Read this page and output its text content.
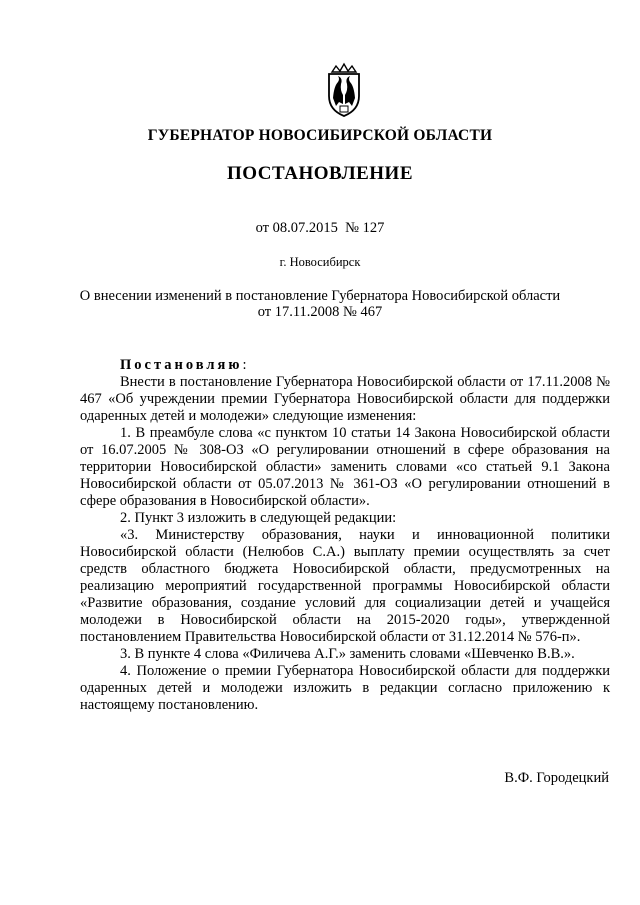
ГУБЕРНАТОР НОВОСИБИРСКОЙ ОБЛАСТИ
ПОСТАНОВЛЕНИЕ
от 08.07.2015  № 127
г. Новосибирск
О внесении изменений в постановление Губернатора Новосибирской области
от 17.11.2008 № 467

Постановляю:

Внести в постановление Губернатора Новосибирской области от 17.11.2008 № 467 «Об учреждении премии Губернатора Новосибирской области для поддержки одаренных детей и молодежи» следующие изменения:

1. В преамбуле слова «с пунктом 10 статьи 14 Закона Новосибирской области от 16.07.2005 № 308-ОЗ «О регулировании отношений в сфере образования на территории Новосибирской области» заменить словами «со статьей 9.1 Закона Новосибирской области от 05.07.2013 № 361-ОЗ «О регулировании отношений в сфере образования в Новосибирской области».

2. Пункт 3 изложить в следующей редакции:

«3. Министерству образования, науки и инновационной политики Новосибирской области (Нелюбов С.А.) выплату премии осуществлять за счет средств областного бюджета Новосибирской области, предусмотренных на реализацию мероприятий государственной программы Новосибирской области «Развитие образования, создание условий для социализации детей и учащейся молодежи в Новосибирской области на 2015-2020 годы», утвержденной постановлением Правительства Новосибирской области от 31.12.2014 № 576-п».

3. В пункте 4 слова «Филичева А.Г.» заменить словами «Шевченко В.В.».

4. Положение о премии Губернатора Новосибирской области для поддержки одаренных детей и молодежи изложить в редакции согласно приложению к настоящему постановлению.

В.Ф. Городецкий
